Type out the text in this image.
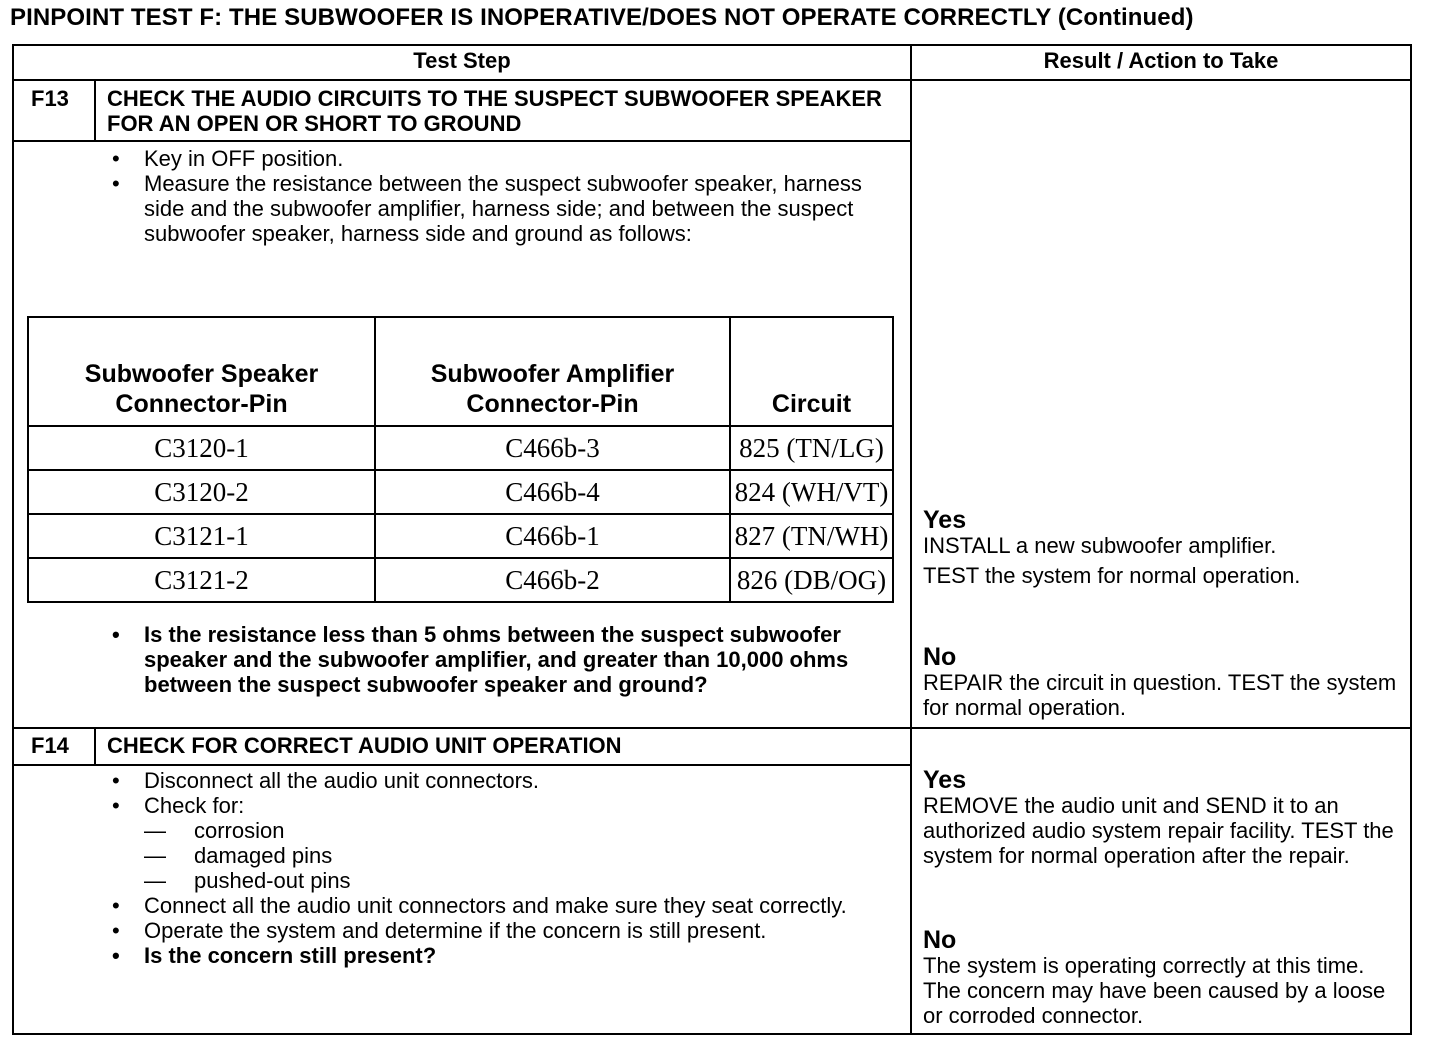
PINPOINT TEST F: THE SUBWOOFER IS INOPERATIVE/DOES NOT OPERATE CORRECTLY (Continued)
Test Step	Result / Action to Take
F13 CHECK THE AUDIO CIRCUITS TO THE SUSPECT SUBWOOFER SPEAKER FOR AN OPEN OR SHORT TO GROUND
• Key in OFF position.
• Measure the resistance between the suspect subwoofer speaker, harness side and the subwoofer amplifier, harness side; and between the suspect subwoofer speaker, harness side and ground as follows:
Subwoofer Speaker Connector-Pin	Subwoofer Amplifier Connector-Pin	Circuit
C3120-1	C466b-3	825 (TN/LG)
C3120-2	C466b-4	824 (WH/VT)
C3121-1	C466b-1	827 (TN/WH)
C3121-2	C466b-2	826 (DB/OG)
• Is the resistance less than 5 ohms between the suspect subwoofer speaker and the subwoofer amplifier, and greater than 10,000 ohms between the suspect subwoofer speaker and ground?
Yes
INSTALL a new subwoofer amplifier.
TEST the system for normal operation.
No
REPAIR the circuit in question. TEST the system for normal operation.
F14 CHECK FOR CORRECT AUDIO UNIT OPERATION
• Disconnect all the audio unit connectors.
• Check for:
— corrosion
— damaged pins
— pushed-out pins
• Connect all the audio unit connectors and make sure they seat correctly.
• Operate the system and determine if the concern is still present.
• Is the concern still present?
Yes
REMOVE the audio unit and SEND it to an authorized audio system repair facility. TEST the system for normal operation after the repair.
No
The system is operating correctly at this time. The concern may have been caused by a loose or corroded connector.
